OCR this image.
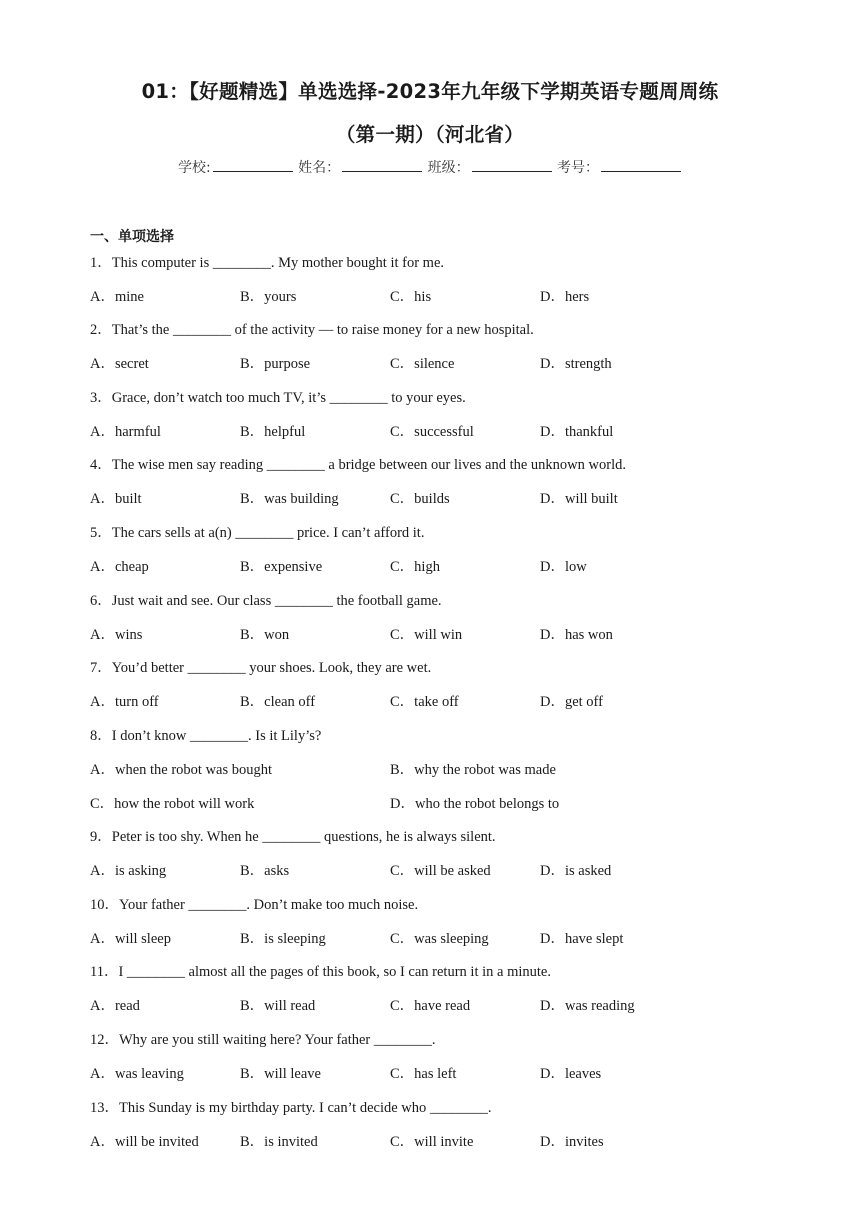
01：【好题精选】单选选择-2023年九年级下学期英语专题周周练
（第一期）（河北省）
学校:	姓名：	班级：	考号：
一、单项选择
1．This computer is ________. My mother bought it for me.
A．mine	B．yours	C．his	D．hers
2．That’s the ________ of the activity — to raise money for a new hospital.
A．secret	B．purpose	C．silence	D．strength
3．Grace, don’t watch too much TV, it’s ________ to your eyes.
A．harmful	B．helpful	C．successful	D．thankful
4．The wise men say reading ________ a bridge between our lives and the unknown world.
A．built	B．was building	C．builds	D．will built
5．The cars sells at a(n) ________ price. I can’t afford it.
A．cheap	B．expensive	C．high	D．low
6．Just wait and see. Our class ________ the football game.
A．wins	B．won	C．will win	D．has won
7．You’d better ________ your shoes. Look, they are wet.
A．turn off	B．clean off	C．take off	D．get off
8．I don’t know ________. Is it Lily’s?
A．when the robot was bought	B．why the robot was made
C．how the robot will work	D．who the robot belongs to
9．Peter is too shy. When he ________ questions, he is always silent.
A．is asking	B．asks	C．will be asked	D．is asked
10．Your father ________. Don’t make too much noise.
A．will sleep	B．is sleeping	C．was sleeping	D．have slept
11．I ________ almost all the pages of this book, so I can return it in a minute.
A．read	B．will read	C．have read	D．was reading
12．Why are you still waiting here? Your father ________.
A．was leaving	B．will leave	C．has left	D．leaves
13．This Sunday is my birthday party. I can’t decide who ________.
A．will be invited	B．is invited	C．will invite	D．invites
